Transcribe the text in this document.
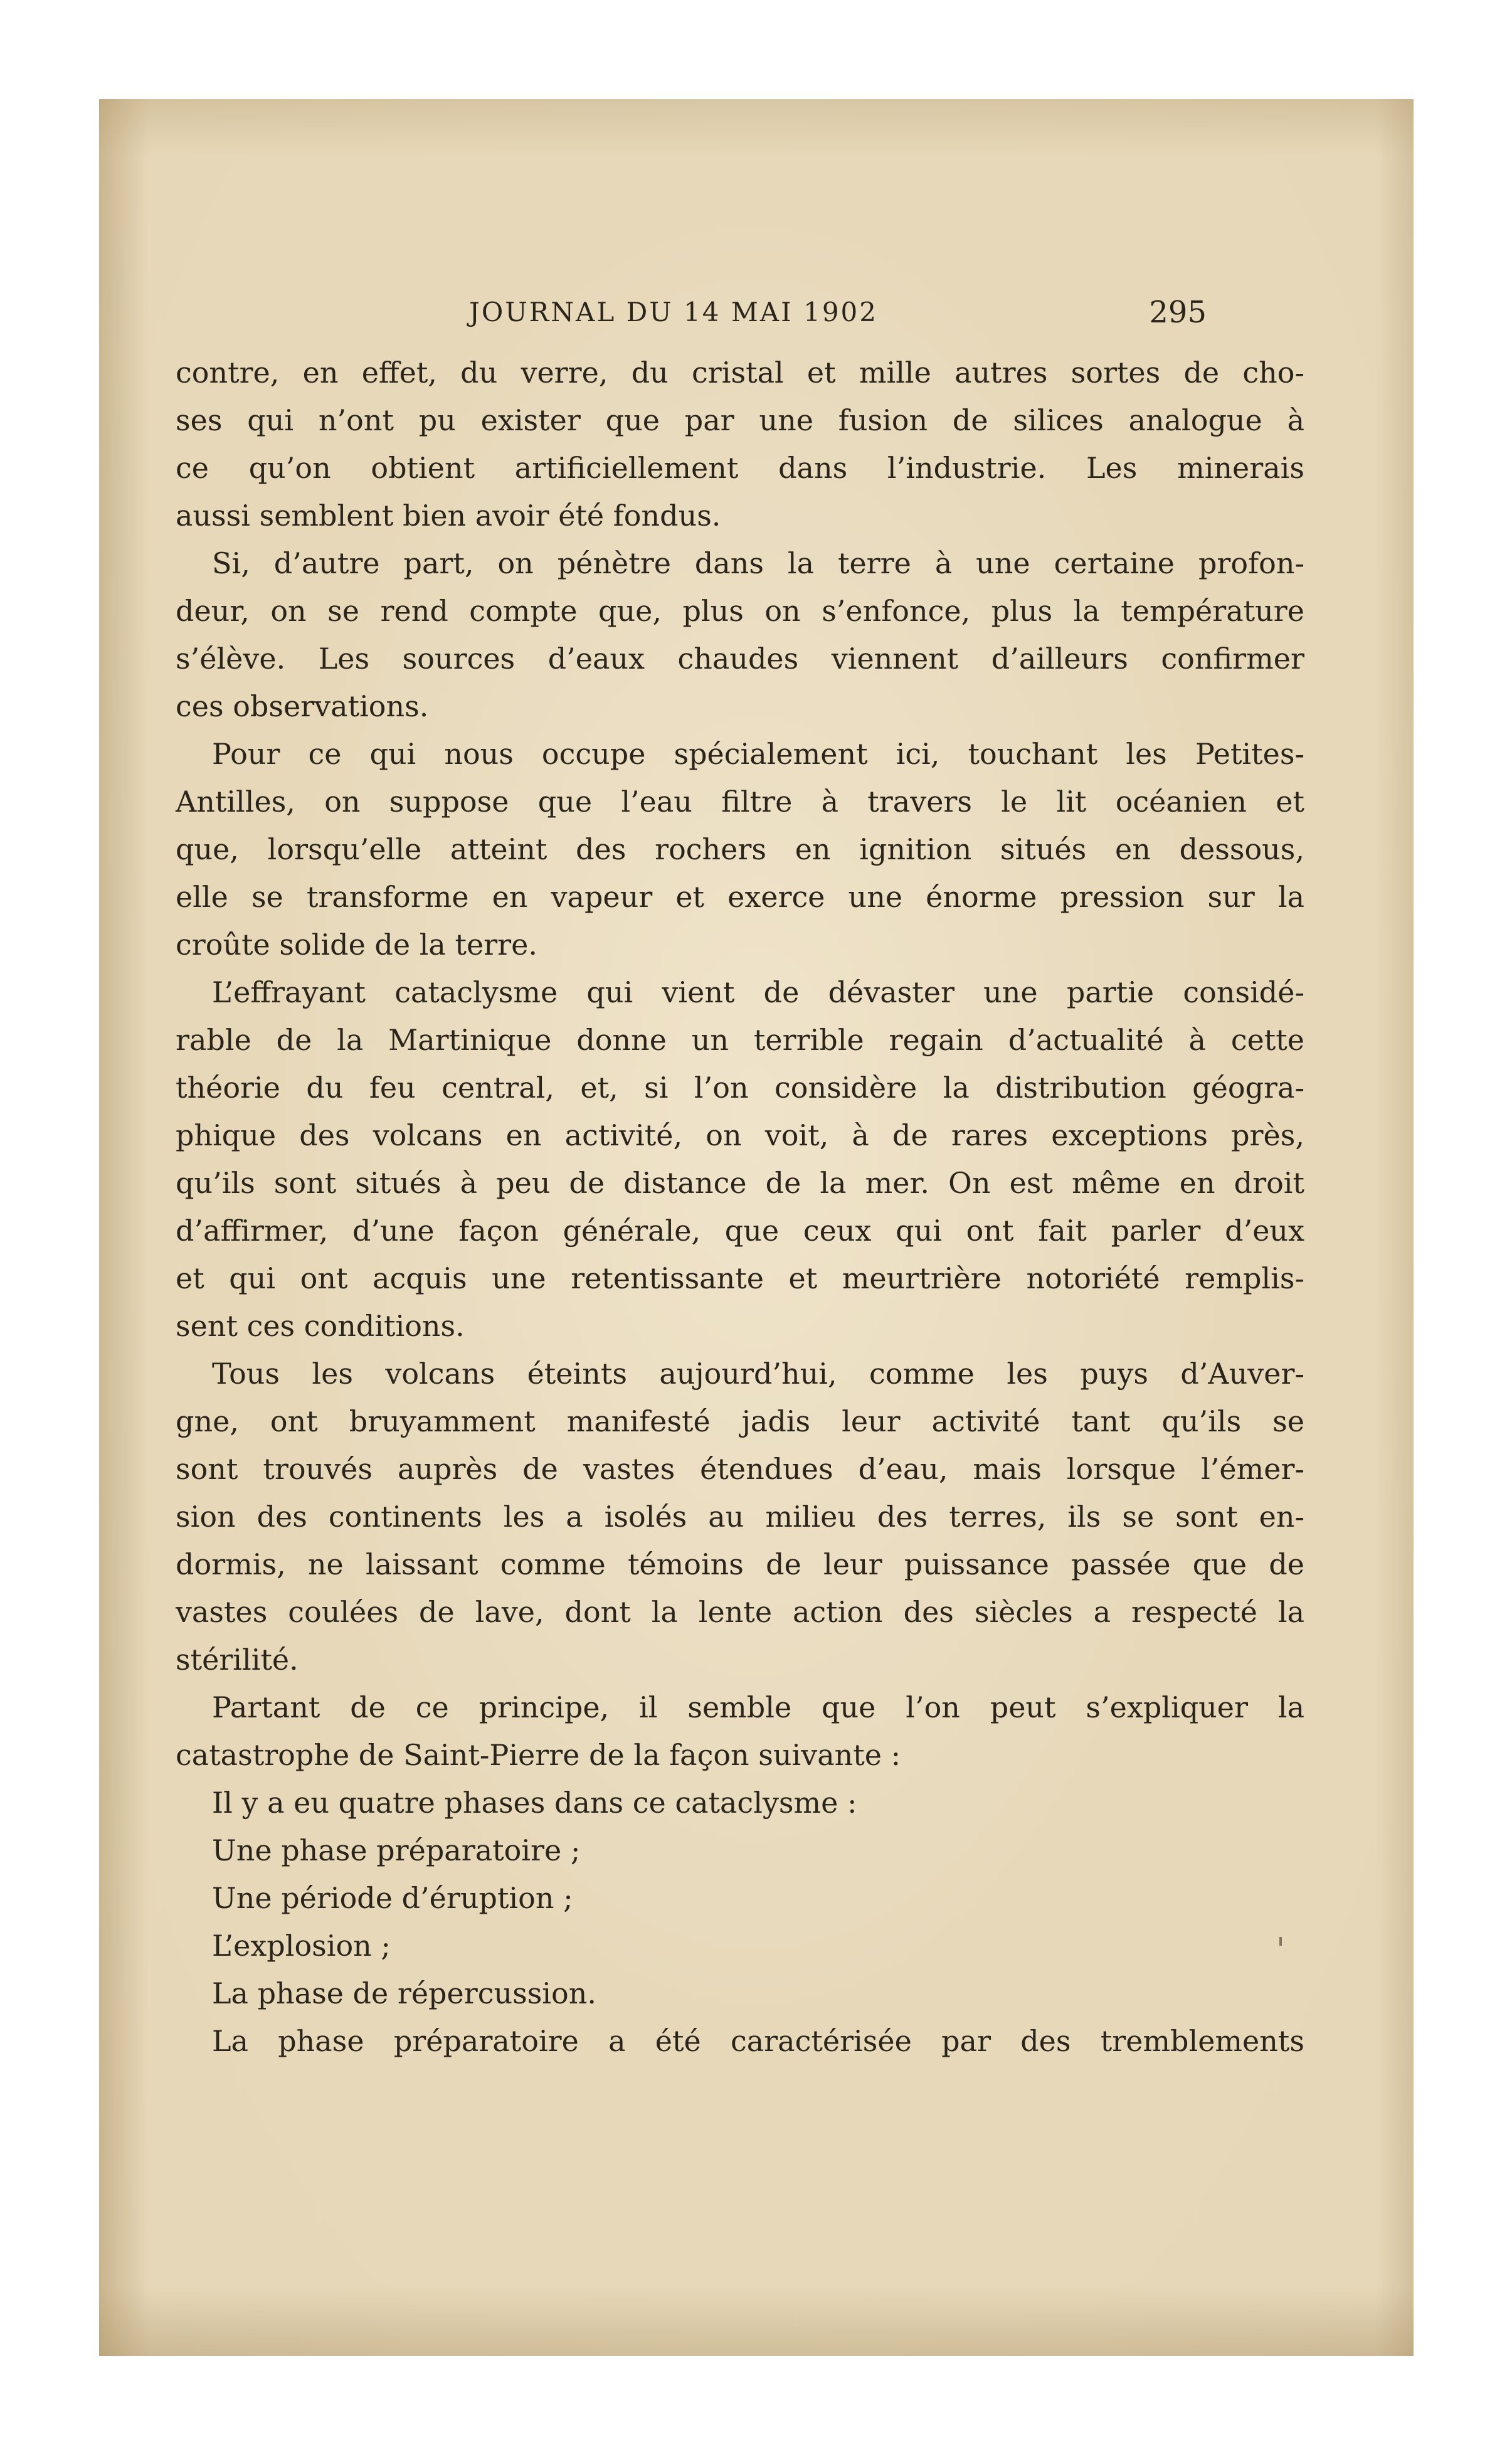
JOURNAL DU 14 MAI 1902	295
contre, en effet, du verre, du cristal et mille autres sortes de cho-
ses qui n’ont pu exister que par une fusion de silices analogue à
ce qu’on obtient artificiellement dans l’industrie. Les minerais
aussi semblent bien avoir été fondus.
Si, d’autre part, on pénètre dans la terre à une certaine profon-
deur, on se rend compte que, plus on s’enfonce, plus la température
s’élève. Les sources d’eaux chaudes viennent d’ailleurs confirmer
ces observations.
Pour ce qui nous occupe spécialement ici, touchant les Petites-
Antilles, on suppose que l’eau filtre à travers le lit océanien et
que, lorsqu’elle atteint des rochers en ignition situés en dessous,
elle se transforme en vapeur et exerce une énorme pression sur la
croûte solide de la terre.
L’effrayant cataclysme qui vient de dévaster une partie considé-
rable de la Martinique donne un terrible regain d’actualité à cette
théorie du feu central, et, si l’on considère la distribution géogra-
phique des volcans en activité, on voit, à de rares exceptions près,
qu’ils sont situés à peu de distance de la mer. On est même en droit
d’affirmer, d’une façon générale, que ceux qui ont fait parler d’eux
et qui ont acquis une retentissante et meurtrière notoriété remplis-
sent ces conditions.
Tous les volcans éteints aujourd’hui, comme les puys d’Auver-
gne, ont bruyamment manifesté jadis leur activité tant qu’ils se
sont trouvés auprès de vastes étendues d’eau, mais lorsque l’émer-
sion des continents les a isolés au milieu des terres, ils se sont en-
dormis, ne laissant comme témoins de leur puissance passée que de
vastes coulées de lave, dont la lente action des siècles a respecté la
stérilité.
Partant de ce principe, il semble que l’on peut s’expliquer la
catastrophe de Saint-Pierre de la façon suivante :
Il y a eu quatre phases dans ce cataclysme :
Une phase préparatoire ;
Une période d’éruption ;
L’explosion ;
La phase de répercussion.
La phase préparatoire a été caractérisée par des tremblements
